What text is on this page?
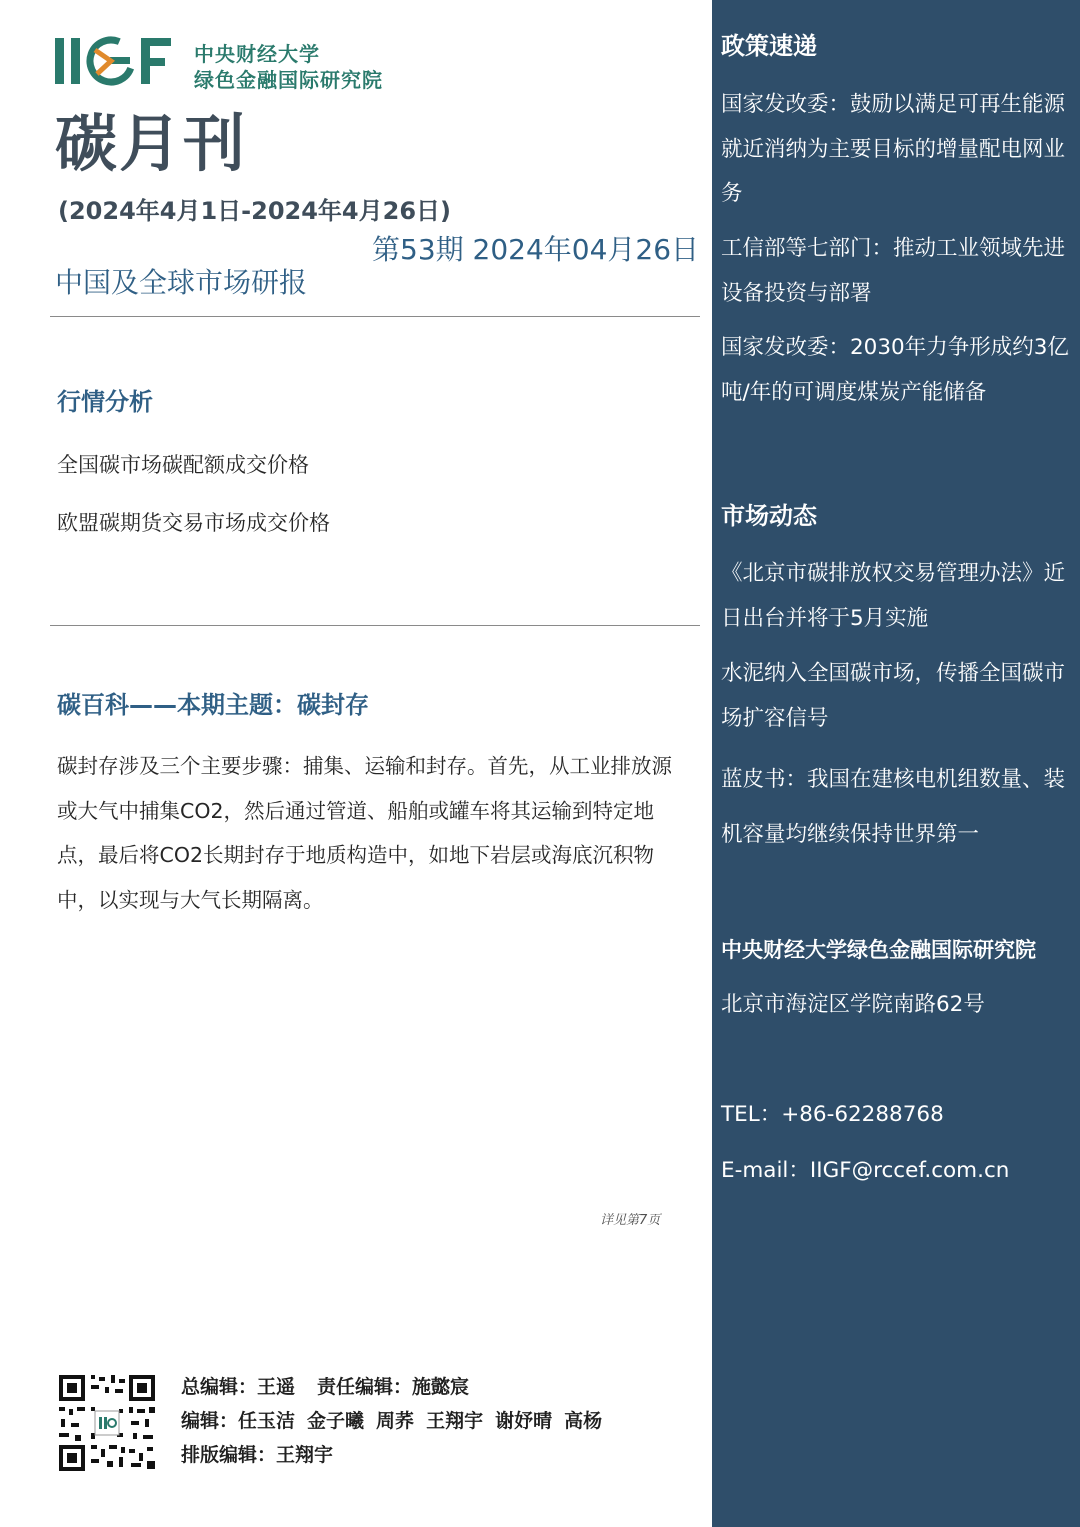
中央财经大学
绿色金融国际研究院
碳月刊
(2024年4月1日-2024年4月26日)
第53期 2024年04月26日
中国及全球市场研报
行情分析
全国碳市场碳配额成交价格
欧盟碳期货交易市场成交价格
碳百科——本期主题：碳封存
碳封存涉及三个主要步骤：捕集、运输和封存。首先，从工业排放源或大气中捕集CO2，然后通过管道、船舶或罐车将其运输到特定地点，最后将CO2长期封存于地质构造中，如地下岩层或海底沉积物中，以实现与大气长期隔离。
详见第7页
总编辑：王遥 责任编辑：施懿宸
编辑：任玉洁 金子曦 周荞 王翔宇 谢妤晴 高杨
排版编辑：王翔宇
政策速递
国家发改委：鼓励以满足可再生能源就近消纳为主要目标的增量配电网业务
工信部等七部门：推动工业领域先进设备投资与部署
国家发改委：2030年力争形成约3亿吨/年的可调度煤炭产能储备
市场动态
《北京市碳排放权交易管理办法》近日出台并将于5月实施
水泥纳入全国碳市场，传播全国碳市场扩容信号
蓝皮书：我国在建核电机组数量、装机容量均继续保持世界第一
中央财经大学绿色金融国际研究院
北京市海淀区学院南路62号
TEL：+86-62288768
E-mail：IIGF@rccef.com.cn
